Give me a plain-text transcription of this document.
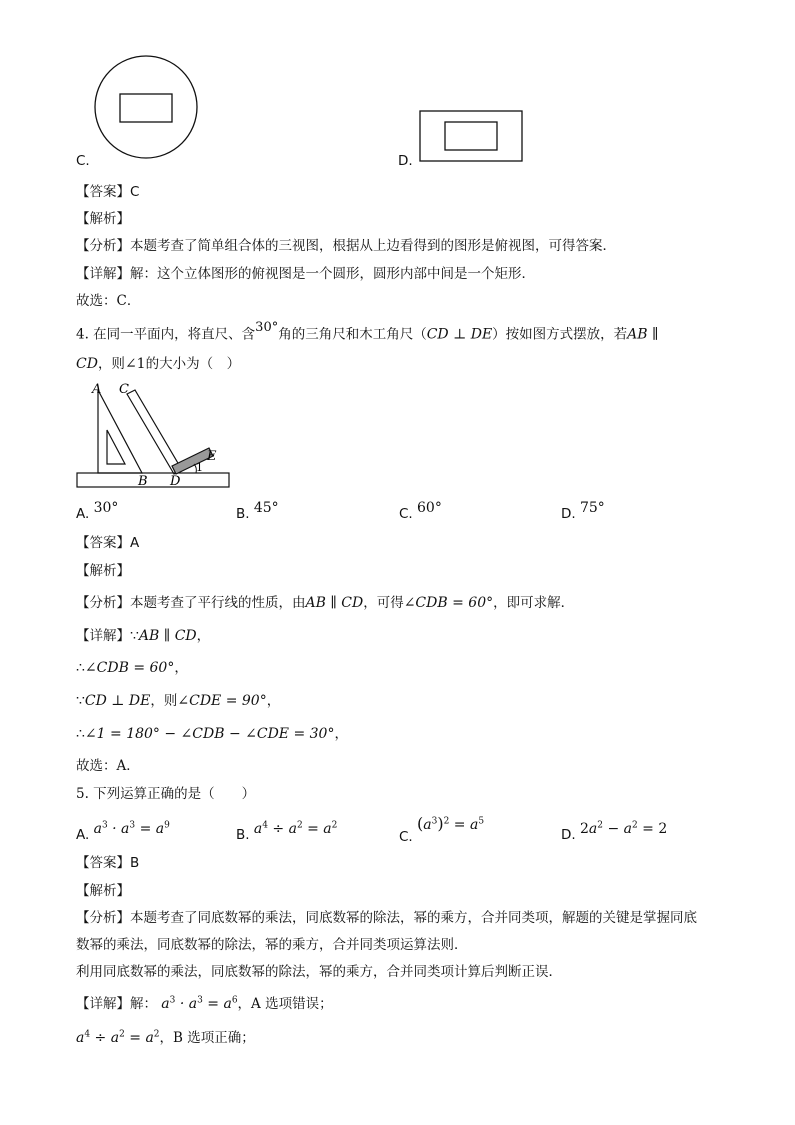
C.	D.
【答案】C
【解析】
【分析】本题考查了简单组合体的三视图，根据从上边看得到的图形是俯视图，可得答案．
【详解】解：这个立体图形的俯视图是一个圆形，圆形内部中间是一个矩形．
故选：C．
4. 在同一平面内，将直尺、含$^{30^\circ}$角的三角尺和木工角尺（CD ⊥ DE）按如图方式摆放，若AB ∥
CD，则∠1的大小为（　）
A C
B D
E
1
A. 30°	B. 45°	C. 60°	D. 75°
【答案】A
【解析】
【分析】本题考查了平行线的性质，由AB ∥ CD，可得∠CDB = 60°，即可求解．
【详解】∵AB ∥ CD，
∴∠CDB = 60°，
∵CD ⊥ DE，则∠CDE = 90°，
∴∠1 = 180° − ∠CDB − ∠CDE = 30°，
故选：A．
5. 下列运算正确的是（　　）
A. $a^3 \cdot a^3 = a^9$
B. $a^4 \div a^2 = a^2$
C. $(a^3)^2 = a^5$
D. $2a^2 - a^2 = 2$
【答案】B
【解析】
【分析】本题考查了同底数幂的乘法，同底数幂的除法，幂的乘方，合并同类项，解题的关键是掌握同底
数幂的乘法，同底数幂的除法，幂的乘方，合并同类项运算法则．
利用同底数幂的乘法，同底数幂的除法，幂的乘方，合并同类项计算后判断正误．
【详解】解： $a^3 \cdot a^3 = a^6$，A 选项错误；
$a^4 \div a^2 = a^2$，B 选项正确；
